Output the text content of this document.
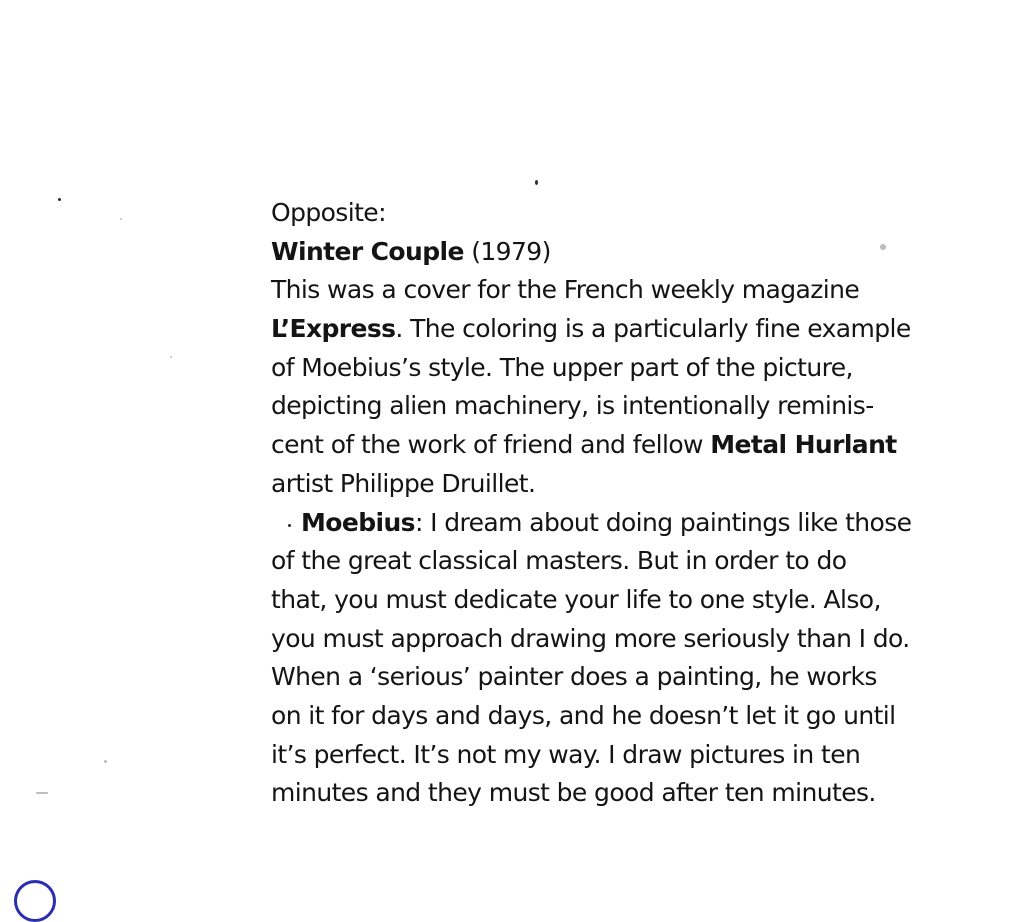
Opposite:
Winter Couple (1979)
This was a cover for the French weekly magazine
L’Express. The coloring is a particularly fine example
of Moebius’s style. The upper part of the picture,
depicting alien machinery, is intentionally reminis-
cent of the work of friend and fellow Metal Hurlant
artist Philippe Druillet.
Moebius: I dream about doing paintings like those
of the great classical masters. But in order to do
that, you must dedicate your life to one style. Also,
you must approach drawing more seriously than I do.
When a ‘serious’ painter does a painting, he works
on it for days and days, and he doesn’t let it go until
it’s perfect. It’s not my way. I draw pictures in ten
minutes and they must be good after ten minutes.
